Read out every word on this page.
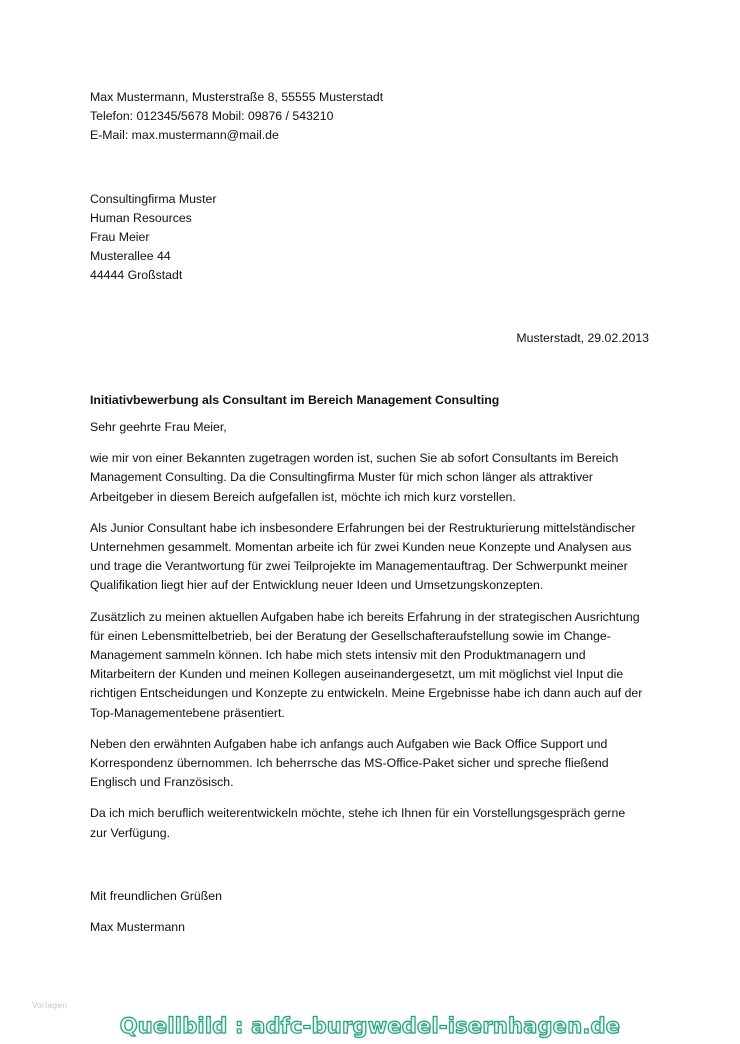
Max Mustermann, Musterstraße 8, 55555 Musterstadt

Telefon: 012345/5678 Mobil: 09876 / 543210

E-Mail: max.mustermann@mail.de

Consultingfirma Muster

Human Resources

Frau Meier

Musterallee 44

44444 Großstadt

Musterstadt, 29.02.2013
Initiativbewerbung als Consultant im Bereich Management Consulting
Sehr geehrte Frau Meier,
wie mir von einer Bekannten zugetragen worden ist, suchen Sie ab sofort Consultants im Bereich
Management Consulting. Da die Consultingfirma Muster für mich schon länger als attraktiver
Arbeitgeber in diesem Bereich aufgefallen ist, möchte ich mich kurz vorstellen.
Als Junior Consultant habe ich insbesondere Erfahrungen bei der Restrukturierung mittelständischer
Unternehmen gesammelt. Momentan arbeite ich für zwei Kunden neue Konzepte und Analysen aus
und trage die Verantwortung für zwei Teilprojekte im Managementauftrag. Der Schwerpunkt meiner
Qualifikation liegt hier auf der Entwicklung neuer Ideen und Umsetzungskonzepten.
Zusätzlich zu meinen aktuellen Aufgaben habe ich bereits Erfahrung in der strategischen Ausrichtung
für einen Lebensmittelbetrieb, bei der Beratung der Gesellschafteraufstellung sowie im Change-
Management sammeln können. Ich habe mich stets intensiv mit den Produktmanagern und
Mitarbeitern der Kunden und meinen Kollegen auseinandergesetzt, um mit möglichst viel Input die
richtigen Entscheidungen und Konzepte zu entwickeln. Meine Ergebnisse habe ich dann auch auf der
Top-Managementebene präsentiert.
Neben den erwähnten Aufgaben habe ich anfangs auch Aufgaben wie Back Office Support und
Korrespondenz übernommen. Ich beherrsche das MS-Office-Paket sicher und spreche fließend
Englisch und Französisch.
Da ich mich beruflich weiterentwickeln möchte, stehe ich Ihnen für ein Vorstellungsgespräch gerne
zur Verfügung.
Mit freundlichen Grüßen
Max Mustermann
Vorlagen
Quellbild : adfc-burgwedel-isernhagen.de
